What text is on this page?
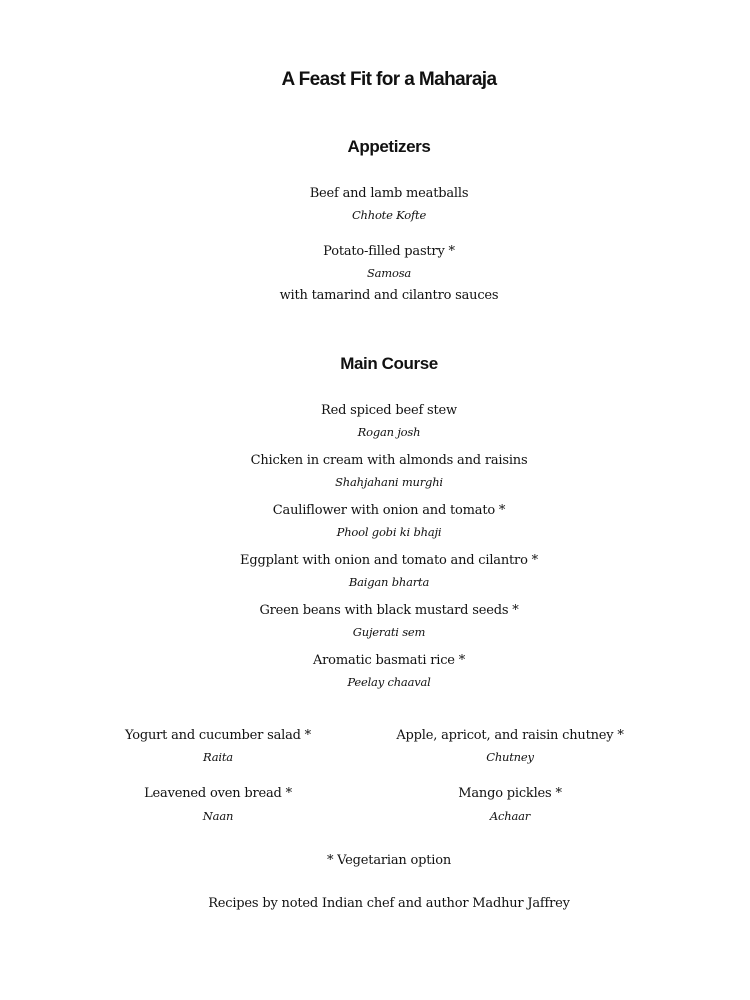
A Feast Fit for a Maharaja
Appetizers
Beef and lamb meatballs
Chhote Kofte
Potato-filled pastry *
Samosa
with tamarind and cilantro sauces
Main Course
Red spiced beef stew
Rogan josh
Chicken in cream with almonds and raisins
Shahjahani murghi
Cauliflower with onion and tomato *
Phool gobi ki bhaji
Eggplant with onion and tomato and cilantro *
Baigan bharta
Green beans with black mustard seeds *
Gujerati sem
Aromatic basmati rice *
Peelay chaaval
Yogurt and cucumber salad *
Raita
Leavened oven bread *
Naan
Apple, apricot, and raisin chutney *
Chutney
Mango pickles *
Achaar
* Vegetarian option
Recipes by noted Indian chef and author Madhur Jaffrey
